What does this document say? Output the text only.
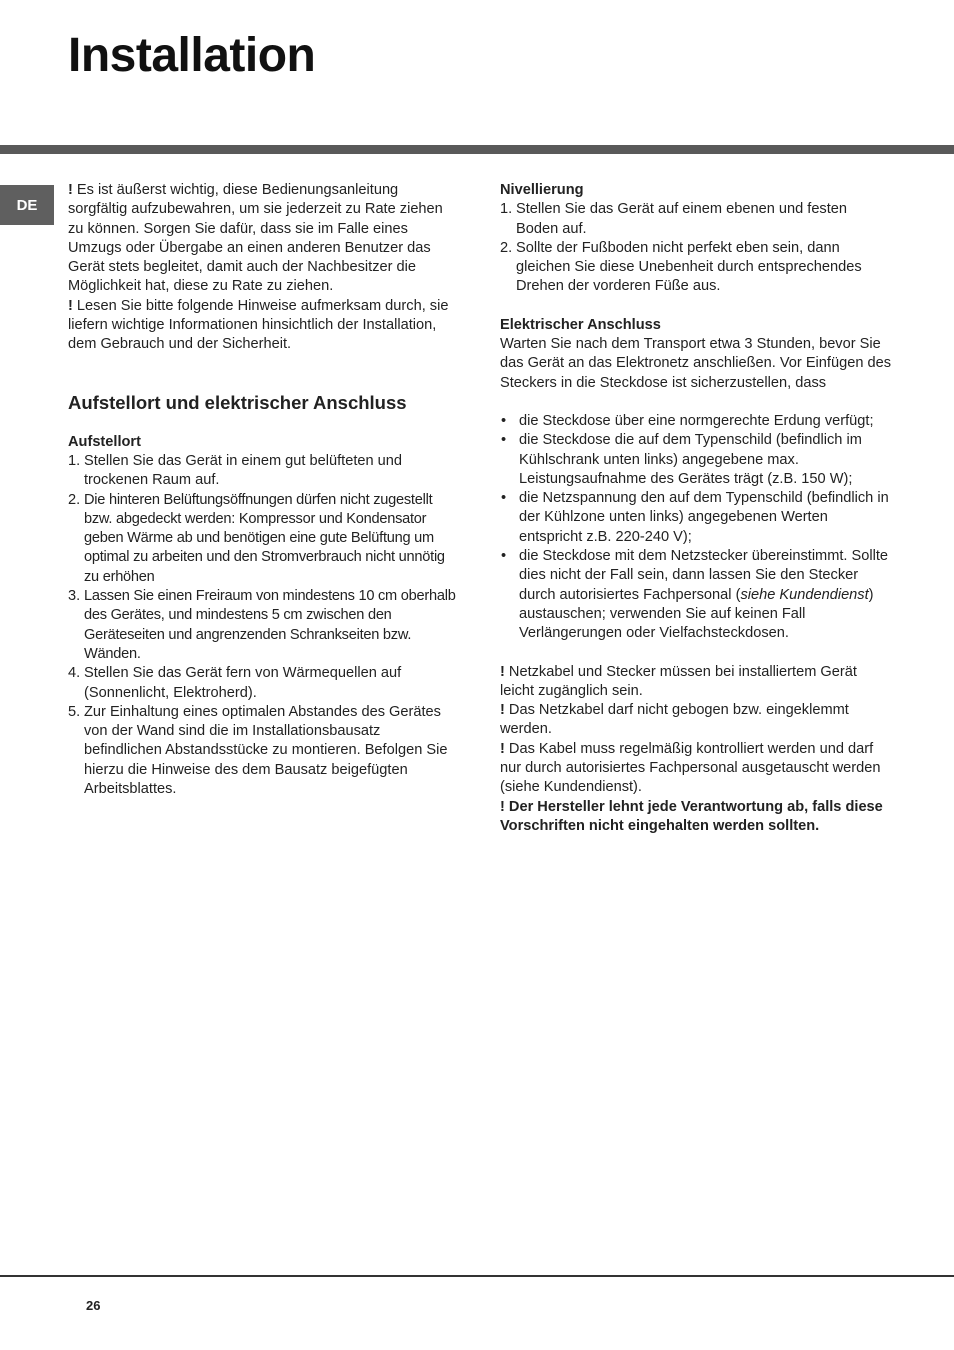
Installation
DE

! Es ist äußerst wichtig, diese Bedienungsanleitung sorgfältig aufzubewahren, um sie jederzeit zu Rate ziehen zu können. Sorgen Sie dafür, dass sie im Falle eines Umzugs oder Übergabe an einen anderen Benutzer das Gerät stets begleitet, damit auch der Nachbesitzer die Möglichkeit hat, diese zu Rate zu ziehen.

! Lesen Sie bitte folgende Hinweise aufmerksam durch, sie liefern wichtige Informationen hinsichtlich der Installation, dem Gebrauch und der Sicherheit.

Aufstellort und elektrischer Anschluss

Aufstellort

1. Stellen Sie das Gerät in einem gut belüfteten und trockenen Raum auf.
2. Die hinteren Belüftungsöffnungen dürfen nicht zugestellt bzw. abgedeckt werden: Kompressor und Kondensator geben Wärme ab und benötigen eine gute Belüftung um optimal zu arbeiten und den Stromverbrauch nicht unnötig zu erhöhen
3. Lassen Sie einen Freiraum von mindestens 10 cm oberhalb des Gerätes, und mindestens 5 cm zwischen den Geräteseiten und angrenzenden Schrankseiten bzw. Wänden.
4. Stellen Sie das Gerät fern von Wärmequellen auf (Sonnenlicht, Elektroherd).
5. Zur Einhaltung eines optimalen Abstandes des Gerätes von der Wand sind die im Installationsbausatz befindlichen Abstandsstücke zu montieren. Befolgen Sie hierzu die Hinweise des dem Bausatz beigefügten Arbeitsblattes.

Nivellierung

1. Stellen Sie das Gerät auf einem ebenen und festen Boden auf.
2. Sollte der Fußboden nicht perfekt eben sein, dann gleichen Sie diese Unebenheit durch entsprechendes Drehen der vorderen Füße aus.

Elektrischer Anschluss

Warten Sie nach dem Transport etwa 3 Stunden, bevor Sie das Gerät an das Elektronetz anschließen. Vor Einfügen des Steckers in die Steckdose ist sicherzustellen, dass

• die Steckdose über eine normgerechte Erdung verfügt;
• die Steckdose die auf dem Typenschild (befindlich im Kühlschrank unten links) angegebene max. Leistungsaufnahme des Gerätes trägt (z.B. 150 W);
• die Netzspannung den auf dem Typenschild (befindlich in der Kühlzone unten links) angegebenen Werten entspricht z.B. 220-240 V);
• die Steckdose mit dem Netzstecker übereinstimmt. Sollte dies nicht der Fall sein, dann lassen Sie den Stecker durch autorisiertes Fachpersonal (siehe Kundendienst) austauschen; verwenden Sie auf keinen Fall Verlängerungen oder Vielfachsteckdosen.

! Netzkabel und Stecker müssen bei installiertem Gerät leicht zugänglich sein.

! Das Netzkabel darf nicht gebogen bzw. eingeklemmt werden.

! Das Kabel muss regelmäßig kontrolliert werden und darf nur durch autorisiertes Fachpersonal ausgetauscht werden (siehe Kundendienst).

! Der Hersteller lehnt jede Verantwortung ab, falls diese Vorschriften nicht eingehalten werden sollten.

26
